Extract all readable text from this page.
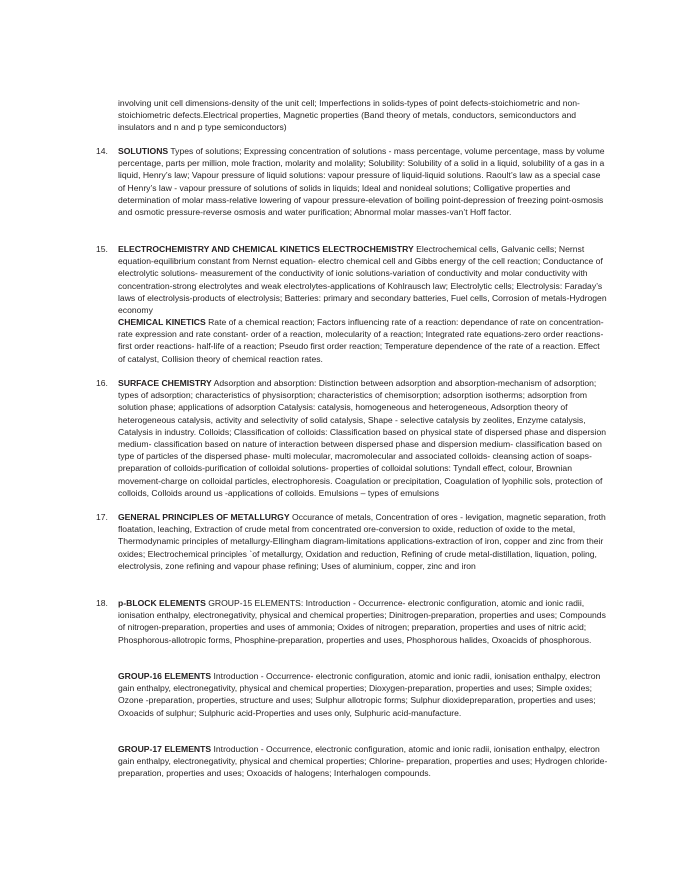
involving unit cell dimensions-density of the unit cell; Imperfections in solids-types of point defects-stoichiometric and non-stoichiometric defects.Electrical properties, Magnetic properties (Band theory of metals, conductors, semiconductors and insulators and n and p type semiconductors)

14.	SOLUTIONS Types of solutions; Expressing concentration of solutions - mass percentage, volume percentage, mass by volume percentage, parts per million, mole fraction, molarity and molality; Solubility: Solubility of a solid in a liquid, solubility of a gas in a liquid, Henry’s law; Vapour pressure of liquid solutions: vapour pressure of liquid-liquid solutions. Raoult’s law as a special case of Henry’s law - vapour pressure of solutions of solids in liquids; Ideal and nonideal solutions; Colligative properties and determination of molar mass-relative lowering of vapour pressure-elevation of boiling point-depression of freezing point-osmosis and osmotic pressure-reverse osmosis and water purification; Abnormal molar masses-van’t Hoff factor.

15.	ELECTROCHEMISTRY AND CHEMICAL KINETICS ELECTROCHEMISTRY Electrochemical cells, Galvanic cells; Nernst equation-equilibrium constant from Nernst equation- electro chemical cell and Gibbs energy of the cell reaction; Conductance of electrolytic solutions- measurement of the conductivity of ionic solutions-variation of conductivity and molar conductivity with concentration-strong electrolytes and weak electrolytes-applications of Kohlrausch law; Electrolytic cells; Electrolysis: Faraday’s laws of electrolysis-products of electrolysis; Batteries: primary and secondary batteries, Fuel cells, Corrosion of metals-Hydrogen economy

CHEMICAL KINETICS Rate of a chemical reaction; Factors influencing rate of a reaction: dependance of rate on concentration- rate expression and rate constant- order of a reaction, molecularity of a reaction; Integrated rate equations-zero order reactions-first order reactions- half-life of a reaction; Pseudo first order reaction; Temperature dependence of the rate of a reaction. Effect of catalyst, Collision theory of chemical reaction rates.

16.	SURFACE CHEMISTRY Adsorption and absorption: Distinction between adsorption and absorption-mechanism of adsorption; types of adsorption; characteristics of physisorption; characteristics of chemisorption; adsorption isotherms; adsorption from solution phase; applications of adsorption Catalysis: catalysis, homogeneous and heterogeneous, Adsorption theory of heterogeneous catalysis, activity and selectivity of solid catalysis, Shape - selective catalysis by zeolites, Enzyme catalysis, Catalysis in industry. Colloids; Classification of colloids: Classification based on physical state of dispersed phase and dispersion medium- classification based on nature of interaction between dispersed phase and dispersion medium- classification based on type of particles of the dispersed phase- multi molecular, macromolecular and associated colloids- cleansing action of soaps-preparation of colloids-purification of colloidal solutions- properties of colloidal solutions: Tyndall effect, colour, Brownian movement-charge on colloidal particles, electrophoresis. Coagulation or precipitation, Coagulation of lyophilic sols, protection of colloids, Colloids around us -applications of colloids. Emulsions – types of emulsions

17.	GENERAL PRINCIPLES OF METALLURGY Occurance of metals, Concentration of ores - levigation, magnetic separation, froth floatation, leaching, Extraction of crude metal from concentrated ore-conversion to oxide, reduction of oxide to the metal, Thermodynamic principles of metallurgy-Ellingham diagram-limitations applications-extraction of iron, copper and zinc from their oxides; Electrochemical principles `of metallurgy, Oxidation and reduction, Refining of crude metal-distillation, liquation, poling, electrolysis, zone refining and vapour phase refining; Uses of aluminium, copper, zinc and iron

18.	p-BLOCK ELEMENTS GROUP-15 ELEMENTS: Introduction - Occurrence- electronic configuration, atomic and ionic radii, ionisation enthalpy, electronegativity, physical and chemical properties; Dinitrogen-preparation, properties and uses; Compounds of nitrogen-preparation, properties and uses of ammonia; Oxides of nitrogen; preparation, properties and uses of nitric acid; Phosphorous-allotropic forms, Phosphine-preparation, properties and uses, Phosphorous halides, Oxoacids of phosphorous.

GROUP-16 ELEMENTS Introduction - Occurrence- electronic configuration, atomic and ionic radii, ionisation enthalpy, electron gain enthalpy, electronegativity, physical and chemical properties; Dioxygen-preparation, properties and uses; Simple oxides; Ozone -preparation, properties, structure and uses; Sulphur allotropic forms; Sulphur dioxidepreparation, properties and uses; Oxoacids of sulphur; Sulphuric acid-Properties and uses only, Sulphuric acid-manufacture.

GROUP-17 ELEMENTS Introduction - Occurrence, electronic configuration, atomic and ionic radii, ionisation enthalpy, electron gain enthalpy, electronegativity, physical and chemical properties; Chlorine- preparation, properties and uses; Hydrogen chloride- preparation, properties and uses; Oxoacids of halogens; Interhalogen compounds.
